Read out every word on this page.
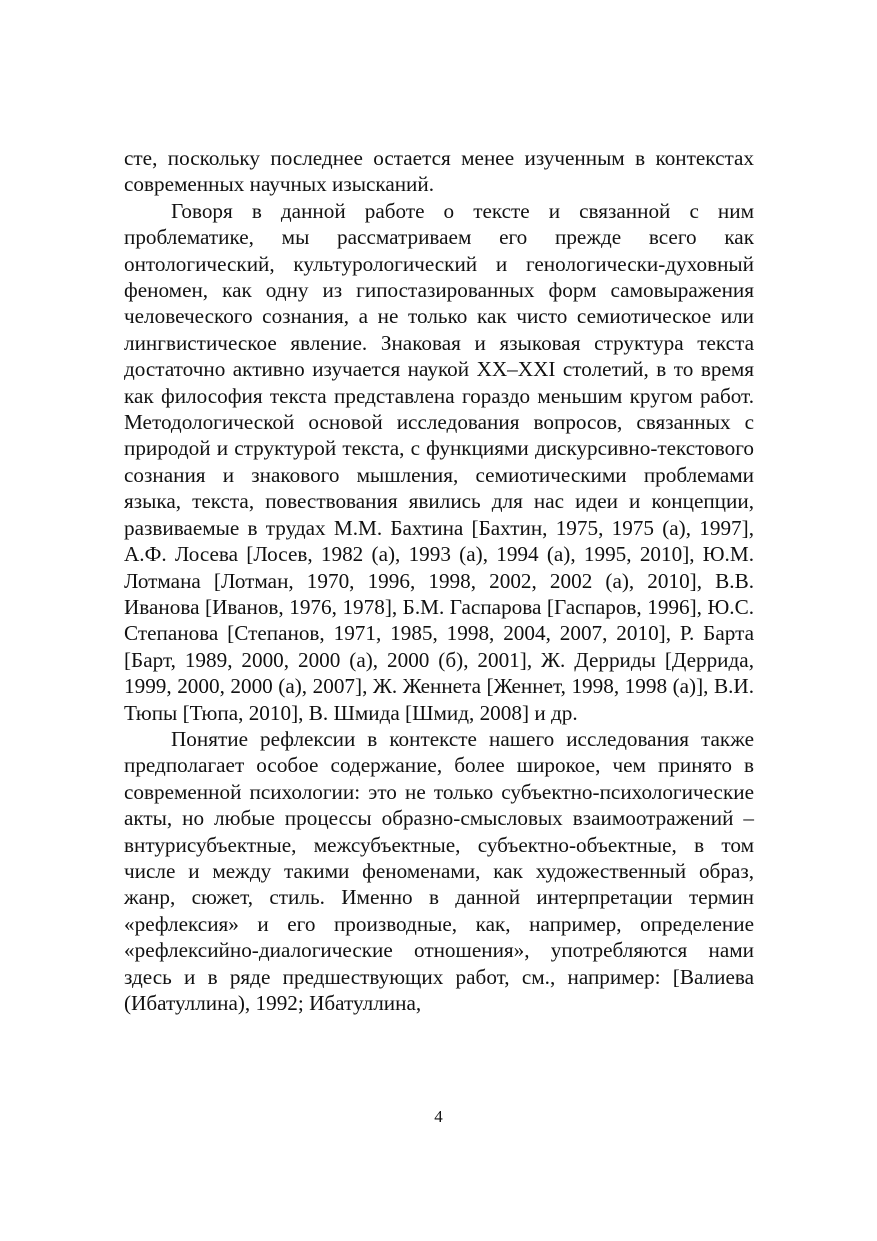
сте, поскольку последнее остается менее изученным в контекстах современных научных изысканий.

Говоря в данной работе о тексте и связанной с ним проблематике, мы рассматриваем его прежде всего как онтологический, культурологический и генологически-духовный феномен, как одну из гипостазированных форм самовыражения человеческого сознания, а не только как чисто семиотическое или лингвистическое явление. Знаковая и языковая структура текста достаточно активно изучается наукой XX–XXI столетий, в то время как философия текста представлена гораздо меньшим кругом работ. Методологической основой исследования вопросов, связанных с природой и структурой текста, с функциями дискурсивно-текстового сознания и знакового мышления, семиотическими проблемами языка, текста, повествования явились для нас идеи и концепции, развиваемые в трудах М.М. Бахтина [Бахтин, 1975, 1975 (а), 1997], А.Ф. Лосева [Лосев, 1982 (а), 1993 (а), 1994 (а), 1995, 2010], Ю.М. Лотмана [Лотман, 1970, 1996, 1998, 2002, 2002 (а), 2010], В.В. Иванова [Иванов, 1976, 1978], Б.М. Гаспарова [Гаспаров, 1996], Ю.С. Степанова [Степанов, 1971, 1985, 1998, 2004, 2007, 2010], Р. Барта [Барт, 1989, 2000, 2000 (а), 2000 (б), 2001], Ж. Дерриды [Деррида, 1999, 2000, 2000 (а), 2007], Ж. Женнета [Женнет, 1998, 1998 (а)], В.И. Тюпы [Тюпа, 2010], В. Шмида [Шмид, 2008] и др.

Понятие рефлексии в контексте нашего исследования также предполагает особое содержание, более широкое, чем принято в современной психологии: это не только субъектно-психологические акты, но любые процессы образно-смысловых взаимоотражений – внтурисубъектные, межсубъектные, субъектно-объектные, в том числе и между такими феноменами, как художественный образ, жанр, сюжет, стиль. Именно в данной интерпретации термин «рефлексия» и его производные, как, например, определение «рефлексийно-диалогические отношения», употребляются нами здесь и в ряде предшествующих работ, см., например: [Валиева (Ибатуллина), 1992; Ибатуллина,

4
